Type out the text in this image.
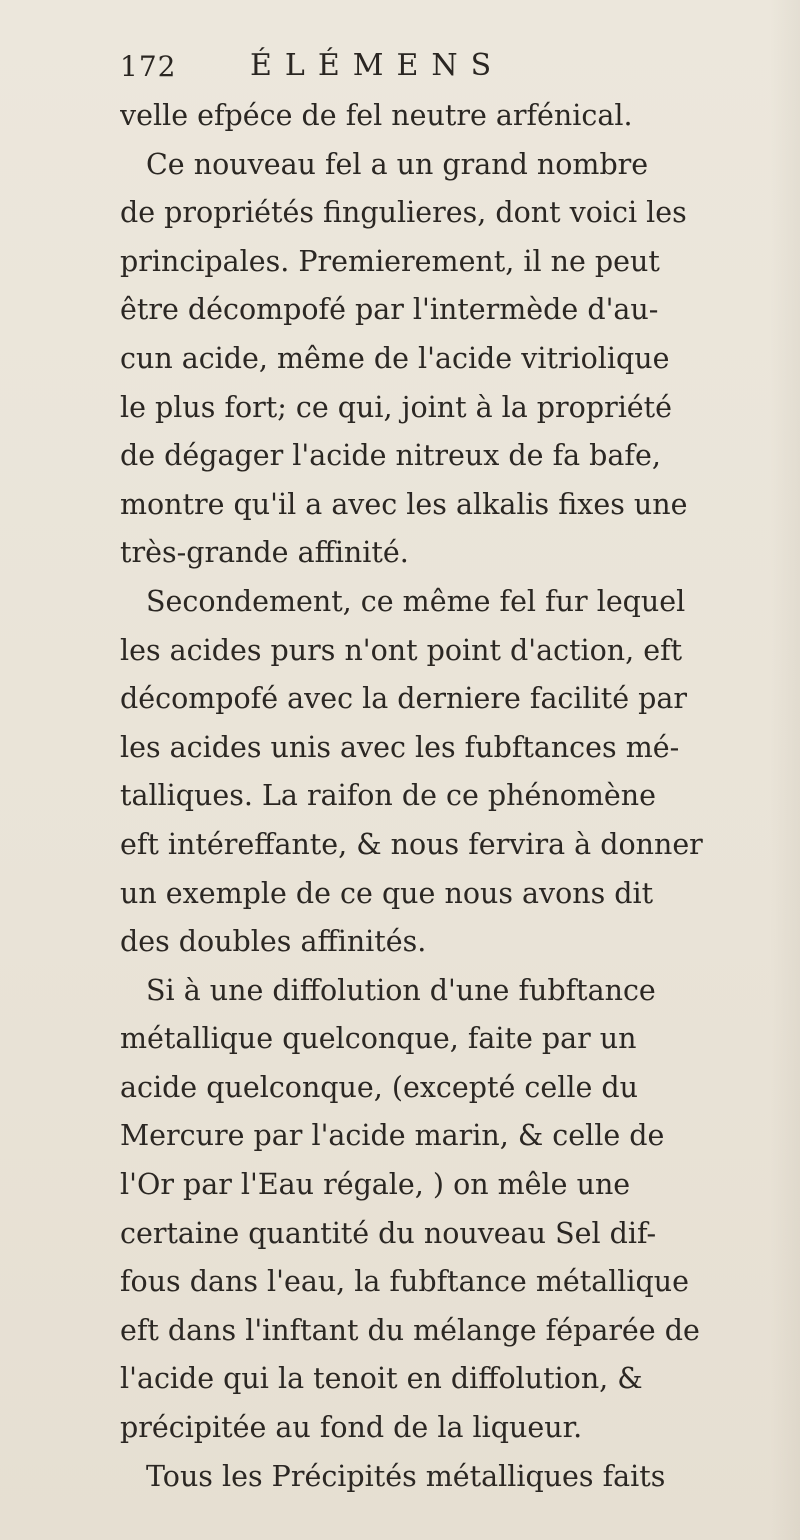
172 ÉLÉMENS
velle efpéce de fel neutre arfénical.
Ce nouveau fel a un grand nombre
de propriétés fingulieres, dont voici les
principales. Premierement, il ne peut
être décompofé par l'intermède d'au-
cun acide, même de l'acide vitriolique
le plus fort; ce qui, joint à la propriété
de dégager l'acide nitreux de fa bafe,
montre qu'il a avec les alkalis fixes une
très-grande affinité.
Secondement, ce même fel fur lequel
les acides purs n'ont point d'action, eft
décompofé avec la derniere facilité par
les acides unis avec les fubftances mé-
talliques. La raifon de ce phénomène
eft intéreffante, & nous fervira à donner
un exemple de ce que nous avons dit
des doubles affinités.
Si à une diffolution d'une fubftance
métallique quelconque, faite par un
acide quelconque, (excepté celle du
Mercure par l'acide marin, & celle de
l'Or par l'Eau régale, ) on mêle une
certaine quantité du nouveau Sel dif-
fous dans l'eau, la fubftance métallique
eft dans l'inftant du mélange féparée de
l'acide qui la tenoit en diffolution, &
précipitée au fond de la liqueur.
Tous les Précipités métalliques faits
